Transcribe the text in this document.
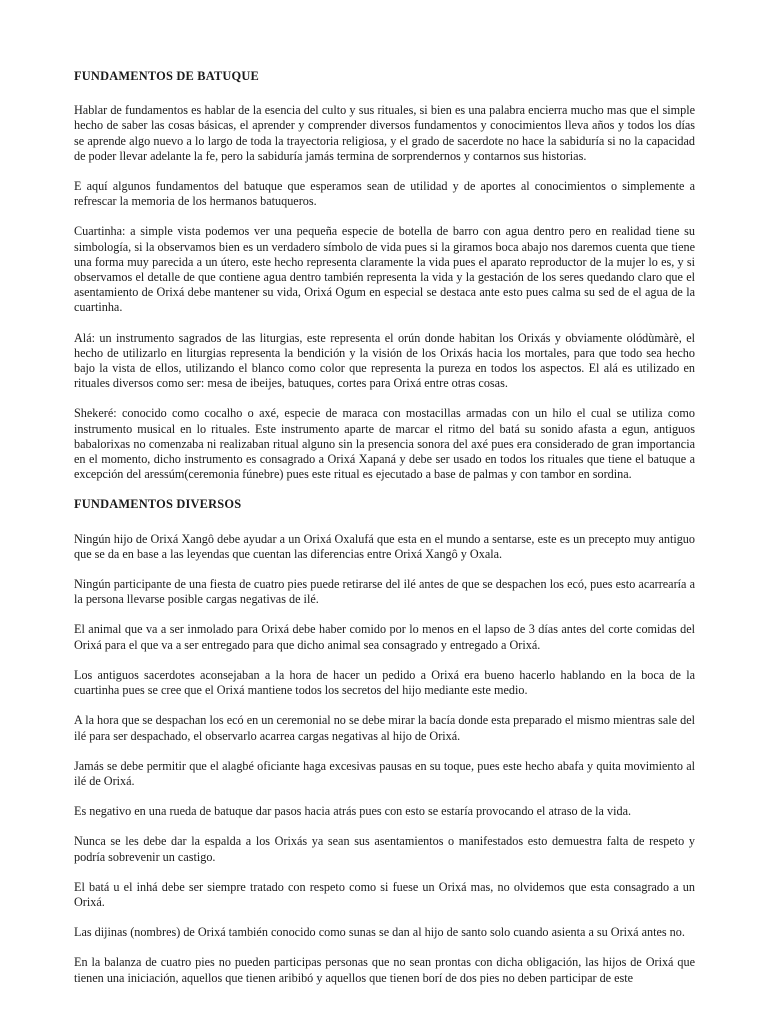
FUNDAMENTOS DE BATUQUE

Hablar de fundamentos es hablar de la esencia del culto y sus rituales, si bien es una palabra encierra mucho mas que el simple hecho de saber las cosas básicas, el aprender y comprender diversos fundamentos y conocimientos lleva años y todos los días se aprende algo nuevo a lo largo de toda la trayectoria religiosa, y el grado de sacerdote no hace la sabiduría si no la capacidad de poder llevar adelante la fe, pero la sabiduría jamás termina de sorprendernos y contarnos sus historias.

E aquí algunos fundamentos del batuque que esperamos sean de utilidad y de aportes al conocimientos o simplemente a refrescar la memoria de los hermanos batuqueros.

Cuartinha: a simple vista podemos ver una pequeña especie de botella de barro con agua dentro pero en realidad tiene su simbología, si la observamos bien es un verdadero símbolo de vida pues si la giramos boca abajo nos daremos cuenta que tiene una forma muy parecida a un útero, este hecho representa claramente la vida pues el aparato reproductor de la mujer lo es, y si observamos el detalle de que contiene agua dentro también representa la vida y la gestación de los seres quedando claro que el asentamiento de Orixá debe mantener su vida, Orixá Ogum en especial se destaca ante esto pues calma su sed de el agua de la cuartinha.

Alá: un instrumento sagrados de las liturgias, este representa el orún donde habitan los Orixás y obviamente olódùmàrè, el hecho de utilizarlo en liturgias representa la bendición y la visión de los Orixás hacia los mortales, para que todo sea hecho bajo la vista de ellos, utilizando el blanco como color que representa la pureza en todos los aspectos. El alá es utilizado en rituales diversos como ser: mesa de ibeijes, batuques, cortes para Orixá entre otras cosas.

Shekeré: conocido como cocalho o axé, especie de maraca con mostacillas armadas con un hilo el cual se utiliza como instrumento musical en lo rituales. Este instrumento aparte de marcar el ritmo del batá su sonido afasta a egun, antiguos babalorixas no comenzaba ni realizaban ritual alguno sin la presencia sonora del axé pues era considerado de gran importancia en el momento, dicho instrumento es consagrado a Orixá Xapaná y debe ser usado en todos los rituales que tiene el batuque a excepción del aressúm(ceremonia fúnebre) pues este ritual es ejecutado a base de palmas y con tambor en sordina.

FUNDAMENTOS DIVERSOS

Ningún hijo de Orixá Xangô debe ayudar a un Orixá Oxalufá que esta en el mundo a sentarse, este es un precepto muy antiguo que se da en base a las leyendas que cuentan las diferencias entre Orixá Xangô y Oxala.

Ningún participante de una fiesta de cuatro pies puede retirarse del ilé antes de que se despachen los ecó, pues esto acarrearía a la persona llevarse posible cargas negativas de ilé.

El animal que va a ser inmolado para Orixá debe haber comido por lo menos en el lapso de 3 días antes del corte comidas del Orixá para el que va a ser entregado para que dicho animal sea consagrado y entregado a Orixá.

Los antiguos sacerdotes aconsejaban a la hora de hacer un pedido a Orixá era bueno hacerlo hablando en la boca de la cuartinha pues se cree que el Orixá mantiene todos los secretos del hijo mediante este medio.

A la hora que se despachan los ecó en un ceremonial no se debe mirar la bacía donde esta preparado el mismo mientras sale del ilé para ser despachado, el observarlo acarrea cargas negativas al hijo de Orixá.

Jamás se debe permitir que el alagbé oficiante haga excesivas pausas en su toque, pues este hecho abafa y quita movimiento al ilé de Orixá.

Es negativo en una rueda de batuque dar pasos hacia atrás pues con esto se estaría provocando el atraso de la vida.

Nunca se les debe dar la espalda a los Orixás ya sean sus asentamientos o manifestados esto demuestra falta de respeto y podría sobrevenir un castigo.

El batá u el inhá debe ser siempre tratado con respeto como si fuese un Orixá mas, no olvidemos que esta consagrado a un Orixá.

Las dijinas (nombres) de Orixá también conocido como sunas se dan al hijo de santo solo cuando asienta a su Orixá antes no.

En la balanza de cuatro pies no pueden participas personas que no sean prontas con dicha obligación, las hijos de Orixá que tienen una iniciación, aquellos que tienen aribibó y aquellos que tienen borí de dos pies no deben participar de este
